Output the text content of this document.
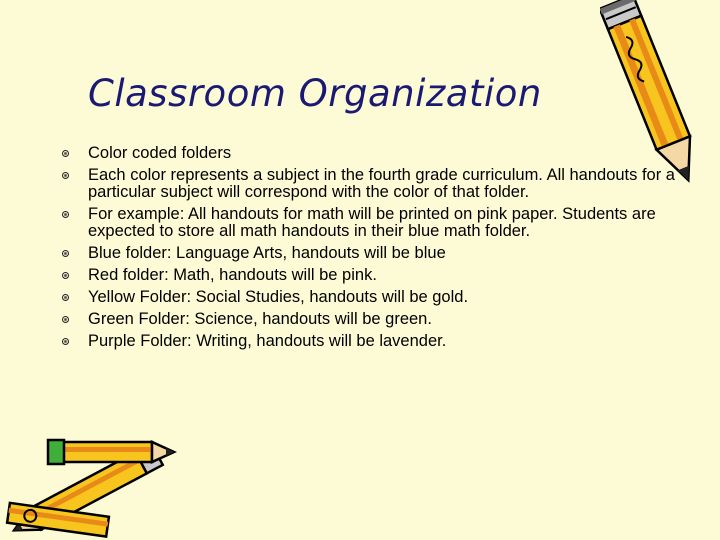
Classroom Organization
Color coded folders
Each color represents a subject in the fourth grade curriculum. All handouts for a particular subject will correspond with the color of that folder.
For example: All handouts for math will be printed on pink paper. Students are expected to store all math handouts in their blue math folder.
Blue folder: Language Arts, handouts will be blue
Red folder: Math, handouts will be pink.
Yellow Folder: Social Studies, handouts will be gold.
Green Folder: Science, handouts will be green.
Purple Folder: Writing, handouts will be lavender.
